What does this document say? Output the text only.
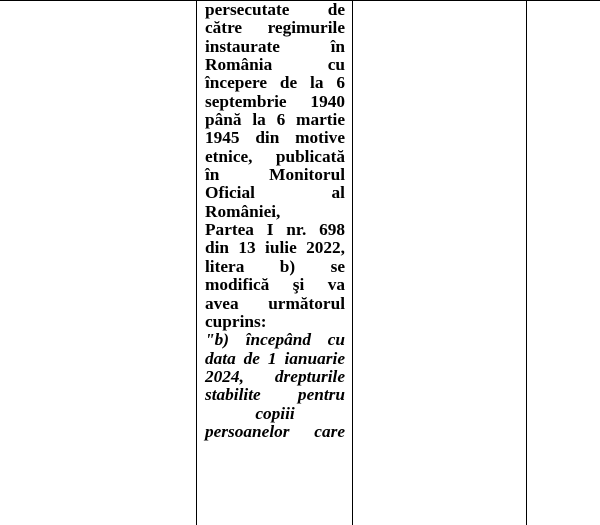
persecutate de
către regimurile
instaurate în
România cu
începere de la 6
septembrie 1940
până la 6 martie
1945 din motive
etnice, publicată
în Monitorul
Oficial al
României,
Partea I nr. 698
din 13 iulie 2022,
litera b) se
modifică şi va
avea următorul
cuprins:
"b) începând cu
data de 1 ianuarie
2024, drepturile
stabilite pentru
copiii
persoanelor care
